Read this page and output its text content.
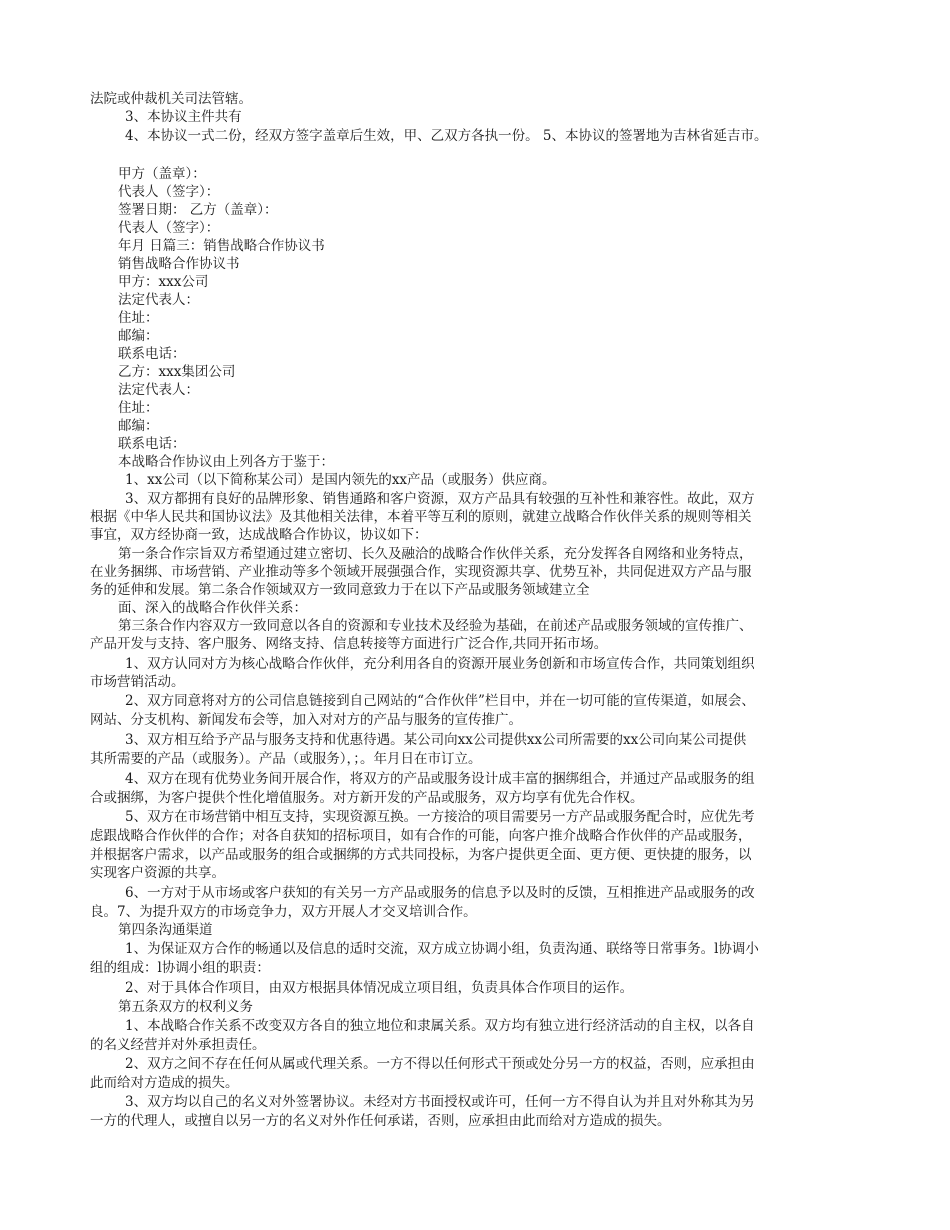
法院或仲裁机关司法管辖。
3、本协议主件共有
4、本协议一式二份，经双方签字盖章后生效，甲、乙双方各执一份。 5、本协议的签署地为吉林省延吉市。
甲方（盖章）：
代表人（签字）：
签署日期： 乙方（盖章）：
代表人（签字）：
年月 日篇三：销售战略合作协议书
销售战略合作协议书
甲方：xxx公司
法定代表人：
住址：
邮编：
联系电话：
乙方：xxx集团公司
法定代表人：
住址：
邮编：
联系电话：
本战略合作协议由上列各方于鉴于：
1、xx公司（以下简称某公司）是国内领先的xx产品（或服务）供应商。
3、双方都拥有良好的品牌形象、销售通路和客户资源，双方产品具有较强的互补性和兼容性。故此，双方
根据《中华人民共和国协议法》及其他相关法律，本着平等互利的原则，就建立战略合作伙伴关系的规则等相关
事宜，双方经协商一致，达成战略合作协议，协议如下：
第一条合作宗旨双方希望通过建立密切、长久及融洽的战略合作伙伴关系，充分发挥各自网络和业务特点，
在业务捆绑、市场营销、产业推动等多个领域开展强强合作，实现资源共享、优势互补，共同促进双方产品与服
务的延伸和发展。第二条合作领域双方一致同意致力于在以下产品或服务领域建立全
面、深入的战略合作伙伴关系：
第三条合作内容双方一致同意以各自的资源和专业技术及经验为基础，在前述产品或服务领域的宣传推广、
产品开发与支持、客户服务、网络支持、信息转接等方面进行广泛合作,共同开拓市场。
1、双方认同对方为核心战略合作伙伴，充分利用各自的资源开展业务创新和市场宣传合作，共同策划组织
市场营销活动。
2、双方同意将对方的公司信息链接到自己网站的“合作伙伴”栏目中，并在一切可能的宣传渠道，如展会、
网站、分支机构、新闻发布会等，加入对对方的产品与服务的宣传推广。
3、双方相互给予产品与服务支持和优惠待遇。某公司向xx公司提供xx公司所需要的xx公司向某公司提供
其所需要的产品（或服务）。产品（或服务），；。年月日在市订立。
4、双方在现有优势业务间开展合作，将双方的产品或服务设计成丰富的捆绑组合，并通过产品或服务的组
合或捆绑，为客户提供个性化增值服务。对方新开发的产品或服务，双方均享有优先合作权。
5、双方在市场营销中相互支持，实现资源互换。一方接洽的项目需要另一方产品或服务配合时，应优先考
虑跟战略合作伙伴的合作；对各自获知的招标项目，如有合作的可能，向客户推介战略合作伙伴的产品或服务，
并根据客户需求，以产品或服务的组合或捆绑的方式共同投标，为客户提供更全面、更方便、更快捷的服务，以
实现客户资源的共享。
6、一方对于从市场或客户获知的有关另一方产品或服务的信息予以及时的反馈，互相推进产品或服务的改
良。7、为提升双方的市场竞争力，双方开展人才交叉培训合作。
第四条沟通渠道
1、为保证双方合作的畅通以及信息的适时交流，双方成立协调小组，负责沟通、联络等日常事务。l协调小
组的组成：l协调小组的职责：
2、对于具体合作项目，由双方根据具体情况成立项目组，负责具体合作项目的运作。
第五条双方的权利义务
1、本战略合作关系不改变双方各自的独立地位和隶属关系。双方均有独立进行经济活动的自主权，以各自
的名义经营并对外承担责任。
2、双方之间不存在任何从属或代理关系。一方不得以任何形式干预或处分另一方的权益，否则，应承担由
此而给对方造成的损失。
3、双方均以自己的名义对外签署协议。未经对方书面授权或许可，任何一方不得自认为并且对外称其为另
一方的代理人，或擅自以另一方的名义对外作任何承诺，否则，应承担由此而给对方造成的损失。
